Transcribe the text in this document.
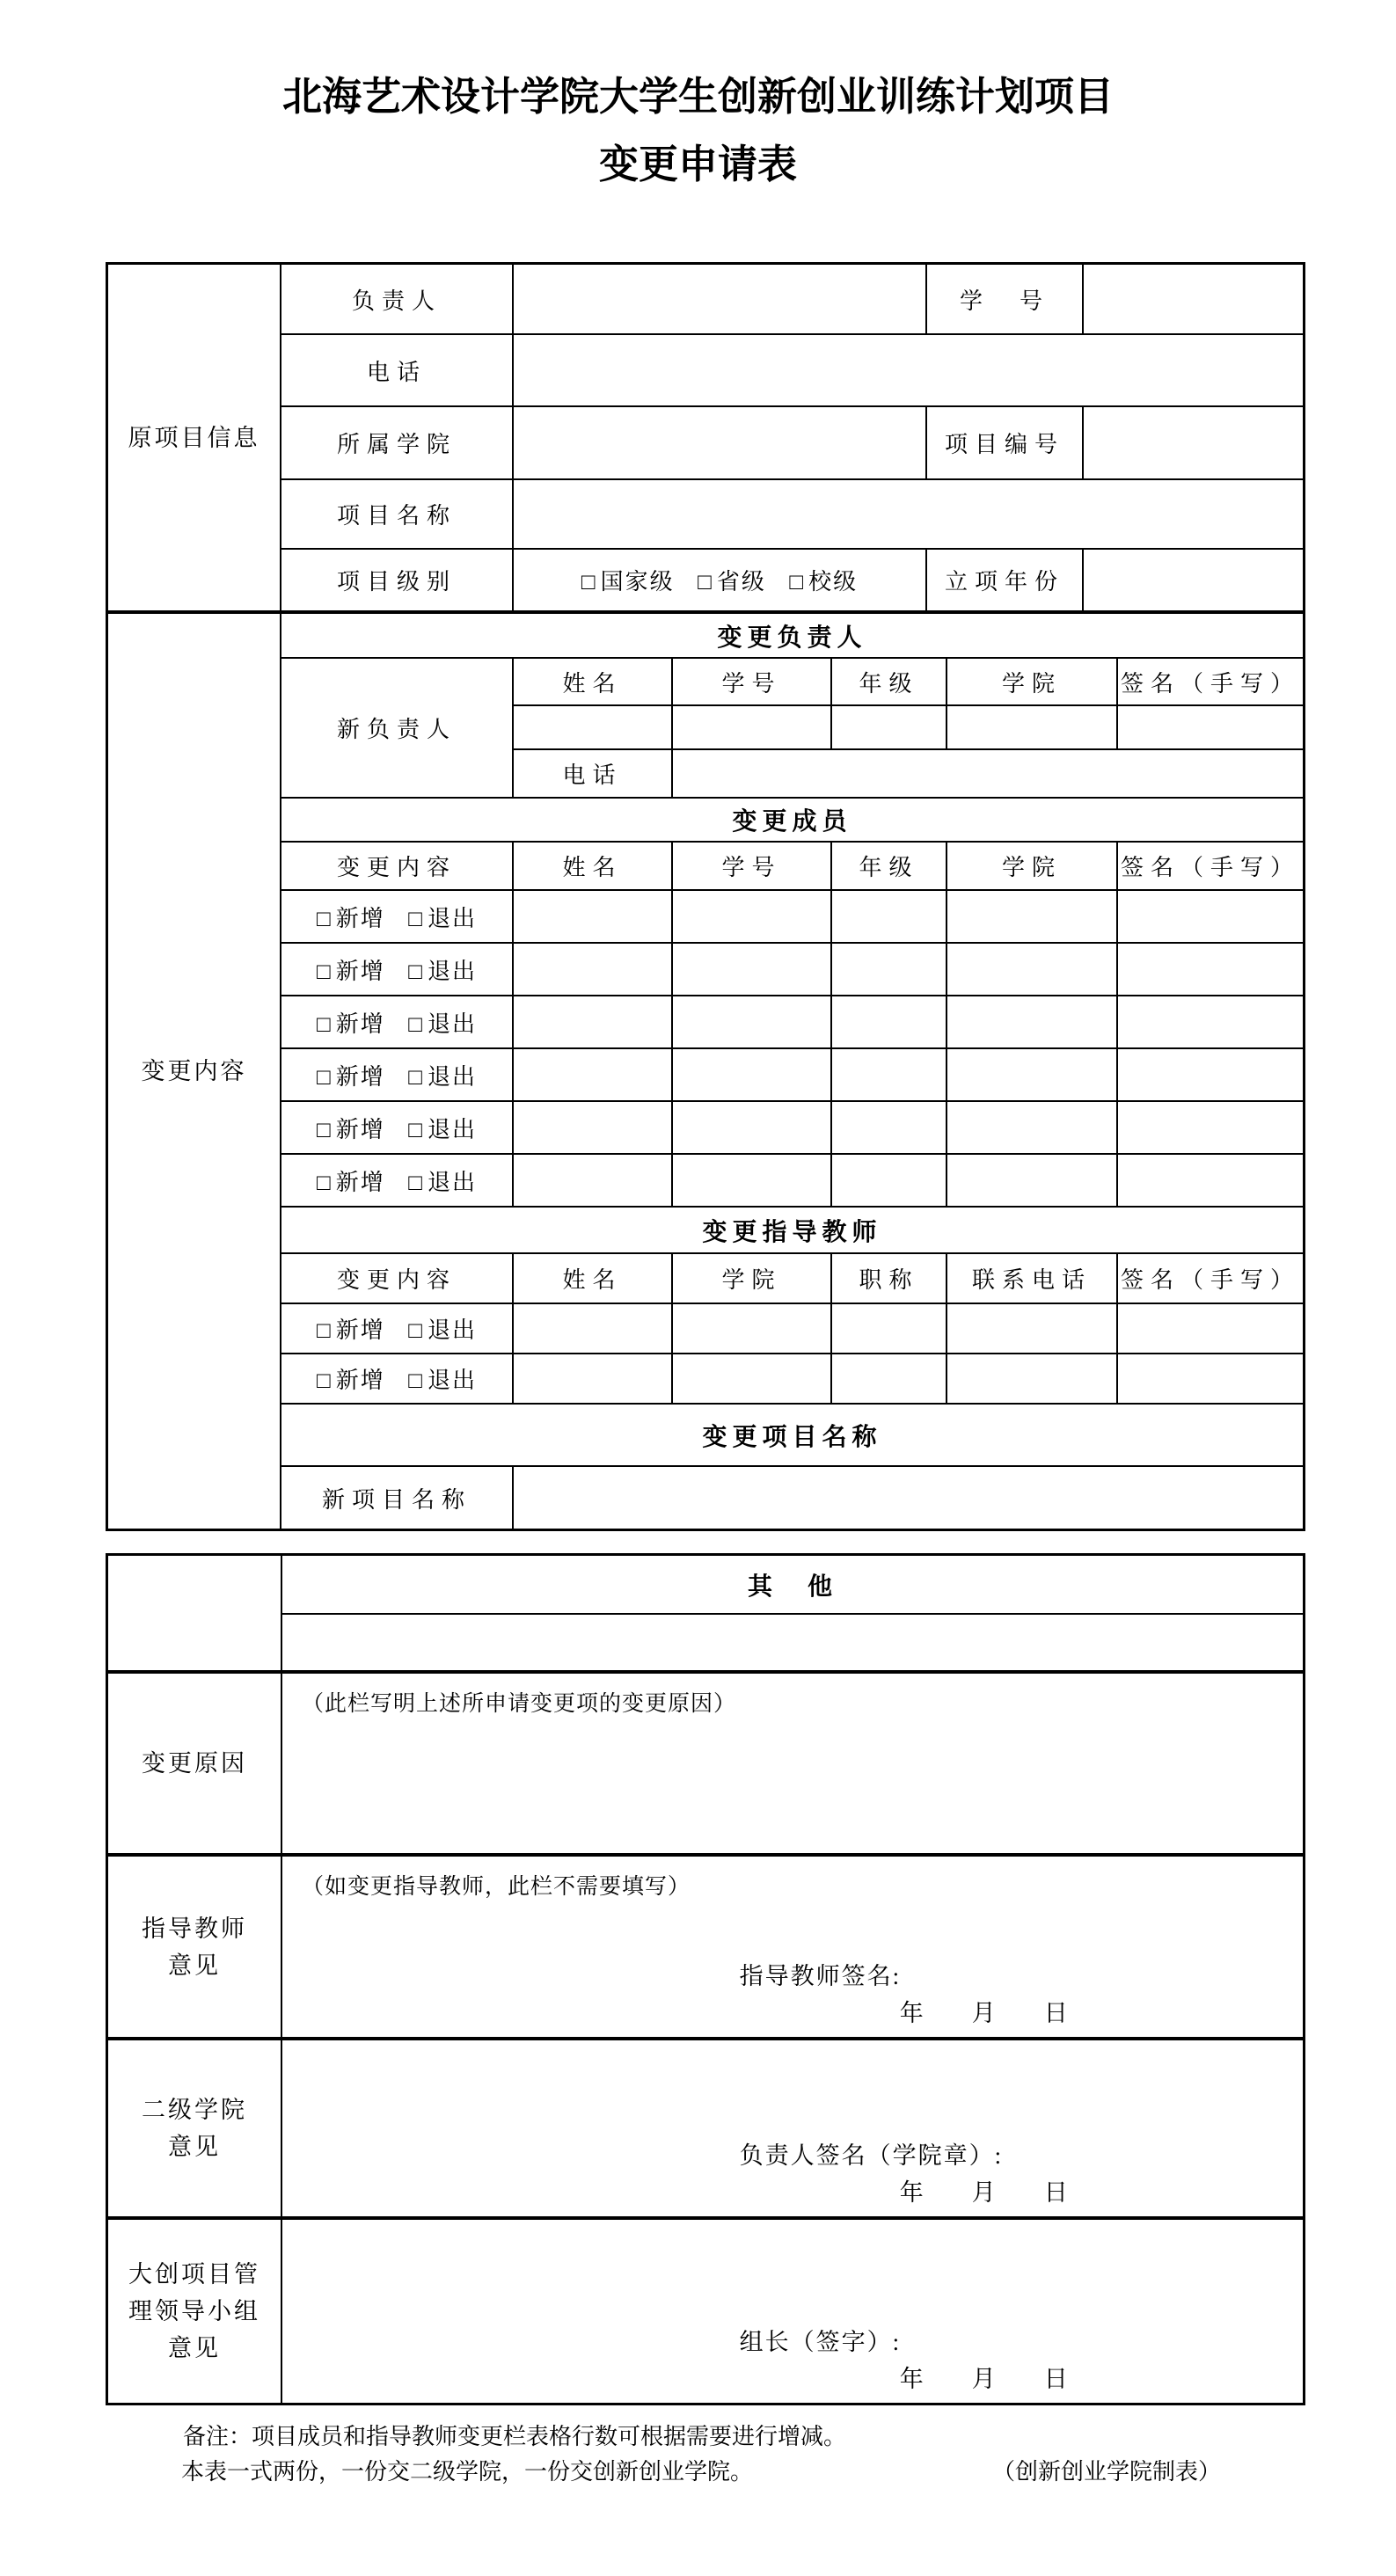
北海艺术设计学院大学生创新创业训练计划项目
变更申请表
原项目信息
负责人		学　号	
电话			
所属学院		项目编号	
项目名称			
项目级别	□ 国家级 □ 省级 □ 校级	立项年份	
变更内容
变更负责人					
新负责人	姓名	学号	年级	学院	签名（手写）

	电话				
变更成员					
变更内容	姓名	学号	年级	学院	签名（手写）
□ 新增 □ 退出					
□ 新增 □ 退出					
□ 新增 □ 退出					
□ 新增 □ 退出					
□ 新增 □ 退出					
□ 新增 □ 退出					
变更指导教师					
变更内容	姓名	学院	职称	联系电话	签名（手写）
□ 新增 □ 退出					
□ 新增 □ 退出					
变更项目名称					
新项目名称					
	其　他

变更原因	（此栏写明上述所申请变更项的变更原因）

指导教师
意见

（如变更指导教师，此栏不需要填写）
指导教师签名:
年　月　日

二级学院
意见	负责人签名（学院章）:
年　月　日

大创项目管
理领导小组
意见	组长（签字）:
年　月　日
备注：项目成员和指导教师变更栏表格行数可根据需要进行增减。
本表一式两份，一份交二级学院，一份交创新创业学院。	（创新创业学院制表）
